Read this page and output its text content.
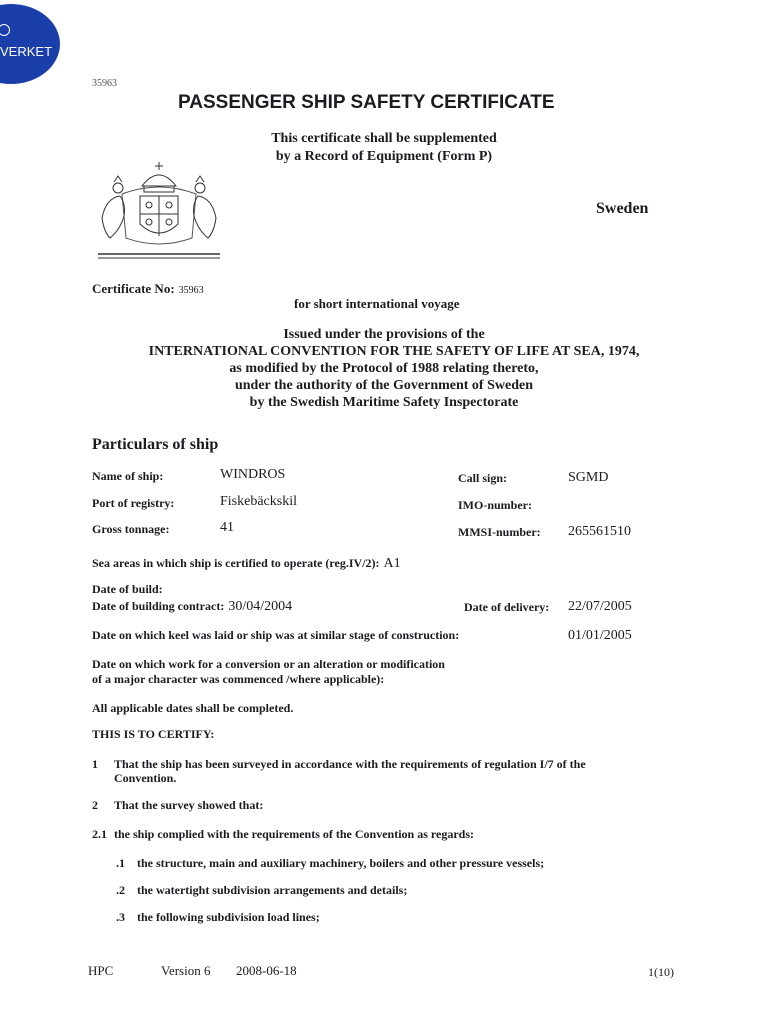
VERKET
35963
PASSENGER SHIP SAFETY CERTIFICATE
This certificate shall be supplemented
by a Record of Equipment (Form P)
Sweden
Certificate No: 35963
for short international voyage
Issued under the provisions of the
INTERNATIONAL CONVENTION FOR THE SAFETY OF LIFE AT SEA, 1974,
as modified by the Protocol of 1988 relating thereto,
under the authority of the Government of Sweden
by the Swedish Maritime Safety Inspectorate
Particulars of ship
Name of ship:	WINDROS	Call sign:	SGMD
Port of registry:	Fiskebäckskil	IMO-number:
Gross tonnage:	41	MMSI-number: 265561510
Sea areas in which ship is certified to operate (reg.IV/2): A1
Date of build:
Date of building contract: 30/04/2004	Date of delivery: 22/07/2005
Date on which keel was laid or ship was at similar stage of construction:	01/01/2005
Date on which work for a conversion or an alteration or modification
of a major character was commenced /where applicable):
All applicable dates shall be completed.
THIS IS TO CERTIFY:
1 That the ship has been surveyed in accordance with the requirements of regulation I/7 of the
Convention.
2 That the survey showed that:
2.1 the ship complied with the requirements of the Convention as regards:
.1 the structure, main and auxiliary machinery, boilers and other pressure vessels;
.2 the watertight subdivision arrangements and details;
.3 the following subdivision load lines;
HPC	Version 6 2008-06-18	1(10)
